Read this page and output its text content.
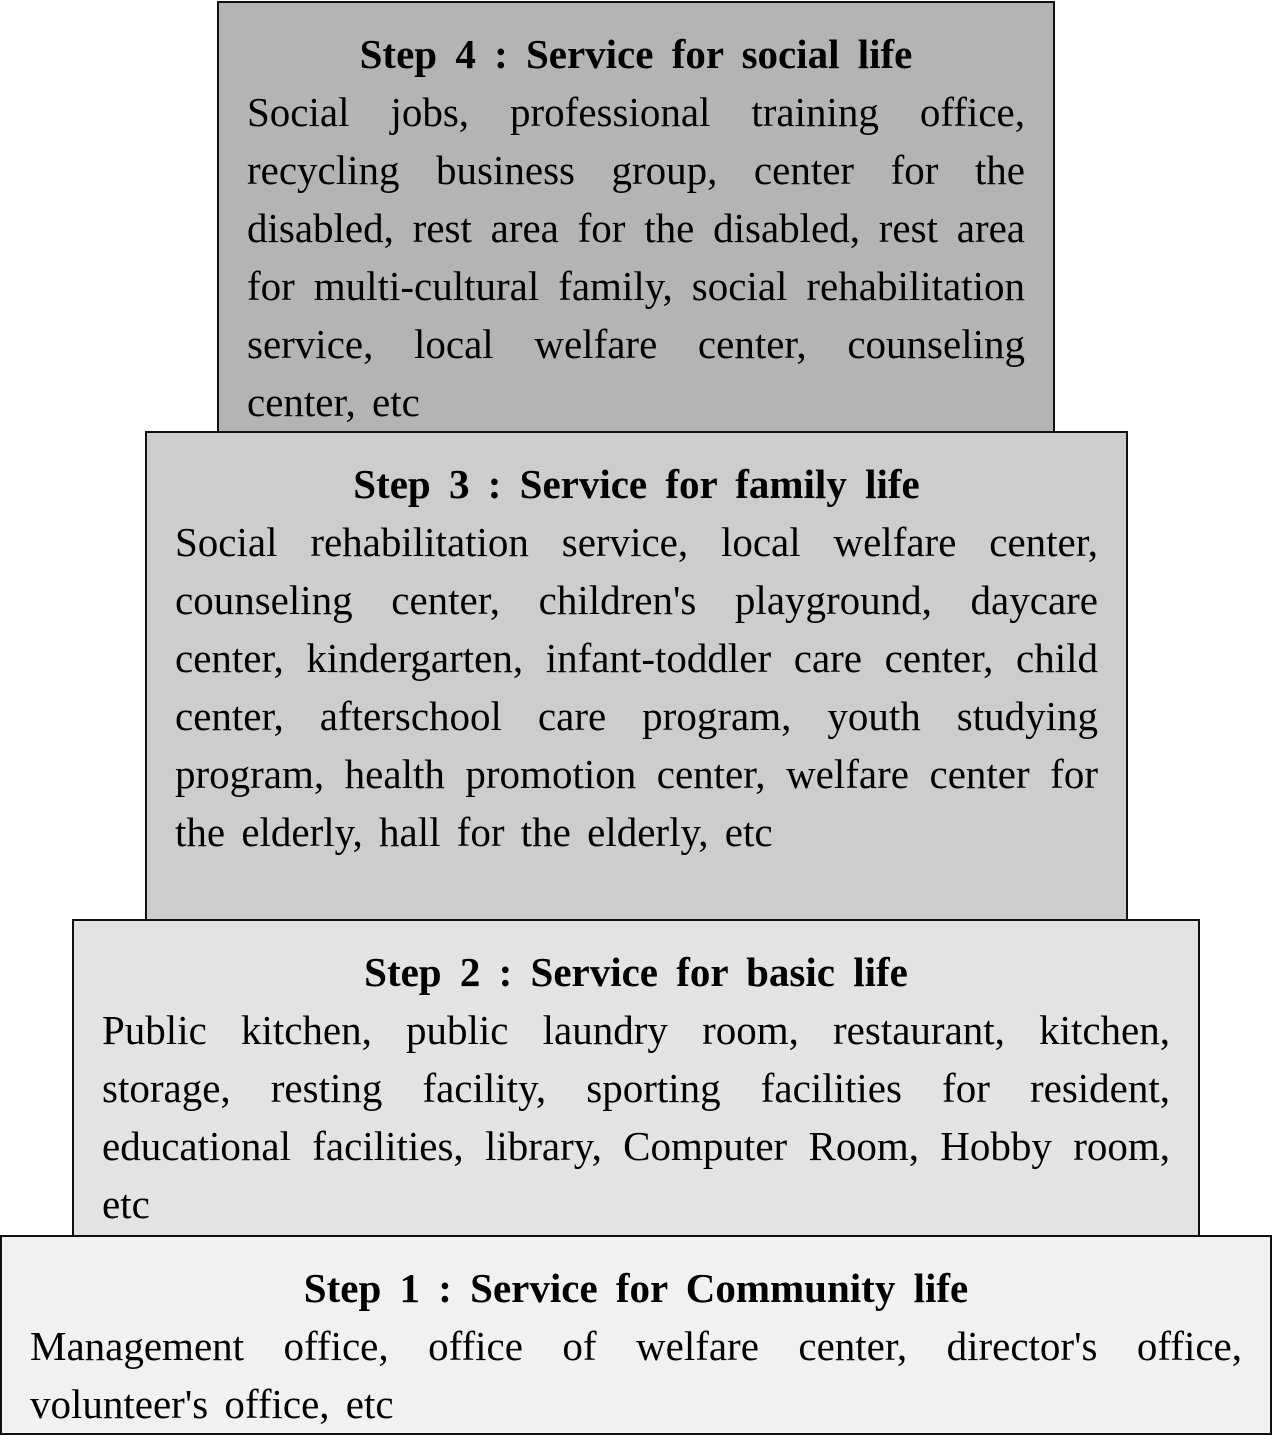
Step 4 : Service for social life

Social jobs, professional training office, recycling business group, center for the disabled, rest area for the disabled, rest area for multi-cultural family, social rehabilitation service, local welfare center, counseling center, etc

Step 3 : Service for family life

Social rehabilitation service, local welfare center, counseling center, children's playground, daycare center, kindergarten, infant-toddler care center, child center, afterschool care program, youth studying program, health promotion center, welfare center for the elderly, hall for the elderly, etc

Step 2 : Service for basic life

Public kitchen, public laundry room, restaurant, kitchen, storage, resting facility, sporting facilities for resident, educational facilities, library, Computer Room, Hobby room, etc

Step 1 : Service for Community life

Management office, office of welfare center, director's office, volunteer's office, etc
